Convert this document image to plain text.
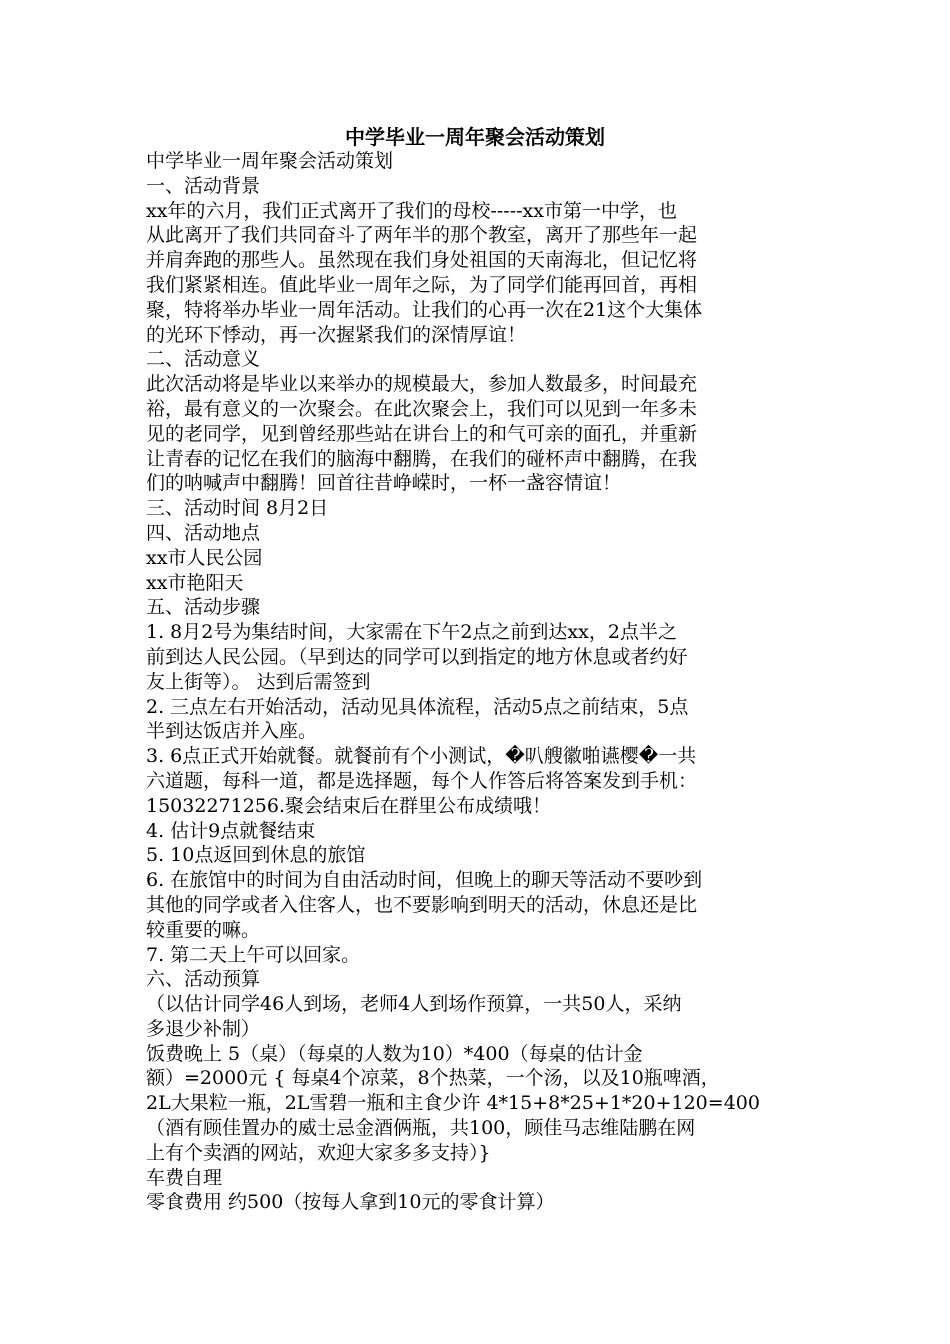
中学毕业一周年聚会活动策划
中学毕业一周年聚会活动策划
一、活动背景
xx年的六月，我们正式离开了我们的母校-----xx市第一中学，也
从此离开了我们共同奋斗了两年半的那个教室，离开了那些年一起
并肩奔跑的那些人。虽然现在我们身处祖国的天南海北，但记忆将
我们紧紧相连。值此毕业一周年之际，为了同学们能再回首，再相
聚，特将举办毕业一周年活动。让我们的心再一次在21这个大集体
的光环下悸动，再一次握紧我们的深情厚谊！
二、活动意义
此次活动将是毕业以来举办的规模最大，参加人数最多，时间最充
裕，最有意义的一次聚会。在此次聚会上，我们可以见到一年多未
见的老同学，见到曾经那些站在讲台上的和气可亲的面孔，并重新
让青春的记忆在我们的脑海中翻腾，在我们的碰杯声中翻腾，在我
们的呐喊声中翻腾！回首往昔峥嵘时，一杯一盏容情谊！
三、活动时间 8月2日
四、活动地点
xx市人民公园
xx市艳阳天
五、活动步骤
1. 8月2号为集结时间，大家需在下午2点之前到达xx，2点半之
前到达人民公园。（早到达的同学可以到指定的地方休息或者约好
友上街等）。 达到后需签到
2. 三点左右开始活动，活动见具体流程，活动5点之前结束，5点
半到达饭店并入座。
3. 6点正式开始就餐。就餐前有个小测试，�叭艘徽啪䜩樱�一共
六道题，每科一道，都是选择题，每个人作答后将答案发到手机：
15032271256.聚会结束后在群里公布成绩哦！
4. 估计9点就餐结束
5. 10点返回到休息的旅馆
6. 在旅馆中的时间为自由活动时间，但晚上的聊天等活动不要吵到
其他的同学或者入住客人，也不要影响到明天的活动，休息还是比
较重要的嘛。
7. 第二天上午可以回家。
六、活动预算
（以估计同学46人到场，老师4人到场作预算，一共50人，采纳
多退少补制）
饭费晚上 5（桌）（每桌的人数为10）*400（每桌的估计金
额）=2000元 { 每桌4个凉菜，8个热菜，一个汤，以及10瓶啤酒，
2L大果粒一瓶，2L雪碧一瓶和主食少许 4*15+8*25+1*20+120=400
（酒有顾佳置办的威士忌金酒俩瓶，共100，顾佳马志维陆鹏在网
上有个卖酒的网站，欢迎大家多多支持）}
车费自理
零食费用 约500（按每人拿到10元的零食计算）
